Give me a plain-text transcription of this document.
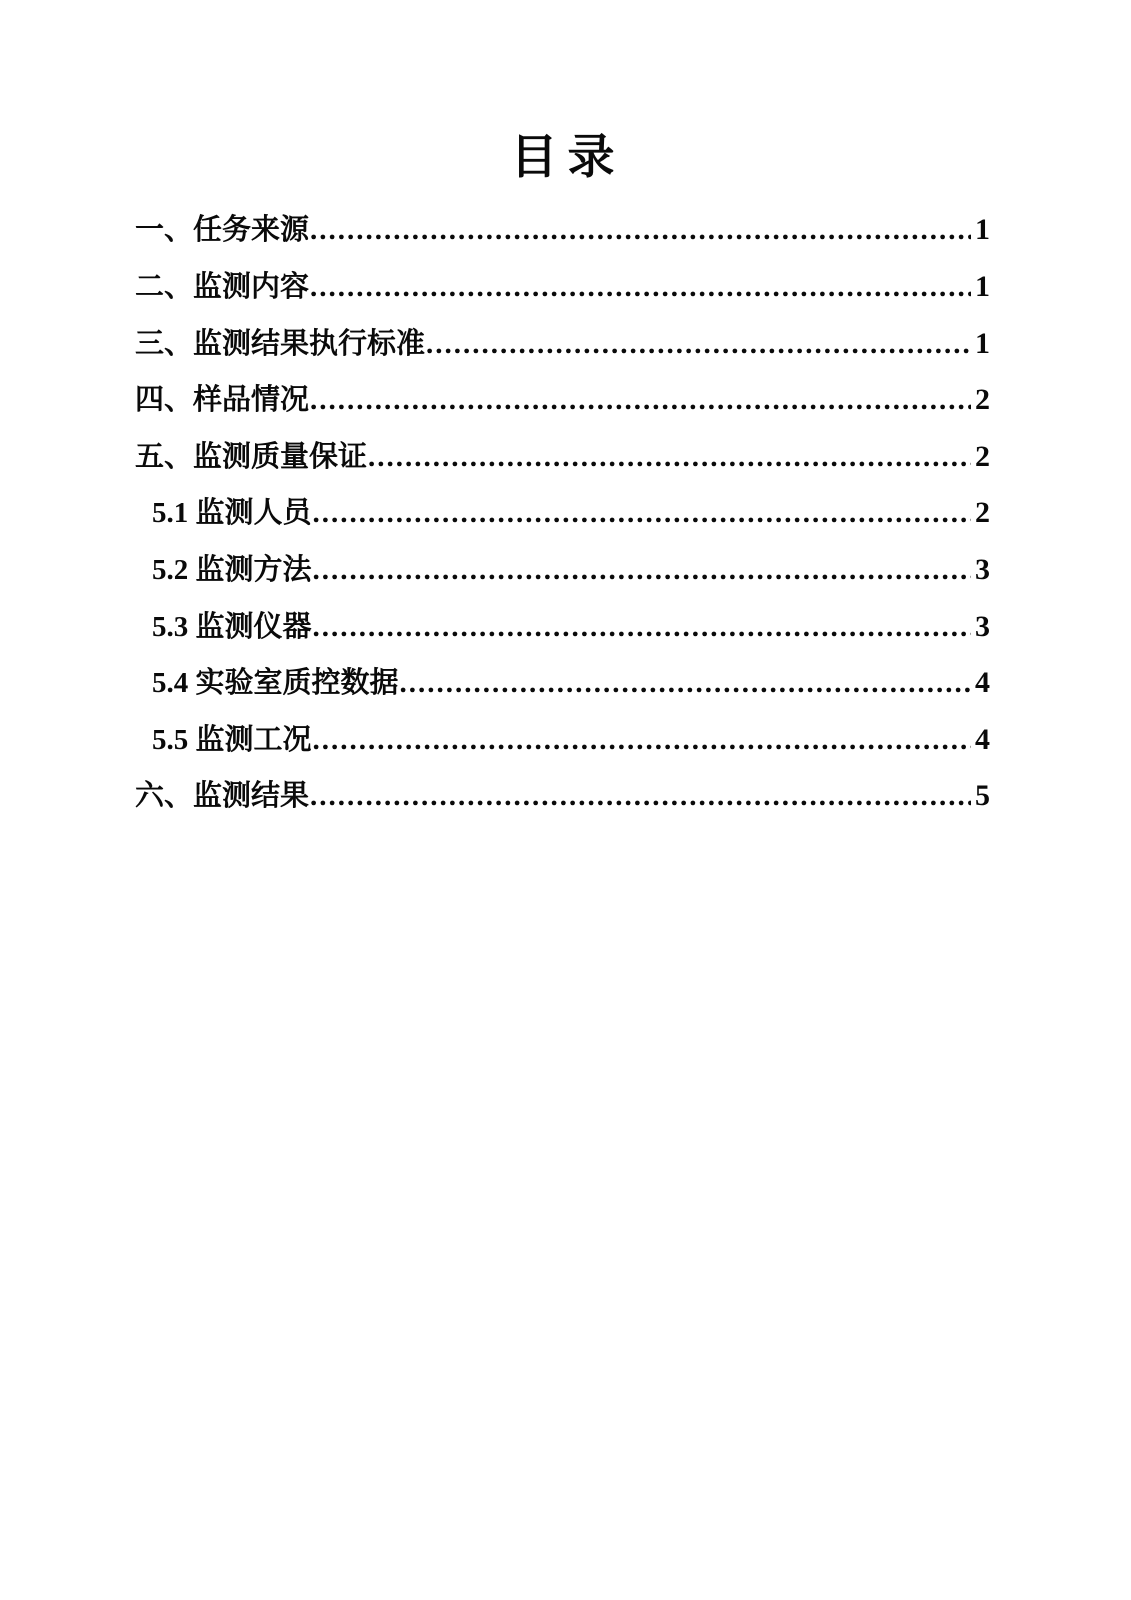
目录
一、任务来源 .....	1
二、监测内容 .....	1
三、监测结果执行标准 .....	1
四、样品情况 .....	2
五、监测质量保证 .....	2
5.1 监测人员 .....	2
5.2 监测方法 .....	3
5.3 监测仪器 .....	3
5.4 实验室质控数据 .....	4
5.5 监测工况 .....	4
六、监测结果 .....	5
